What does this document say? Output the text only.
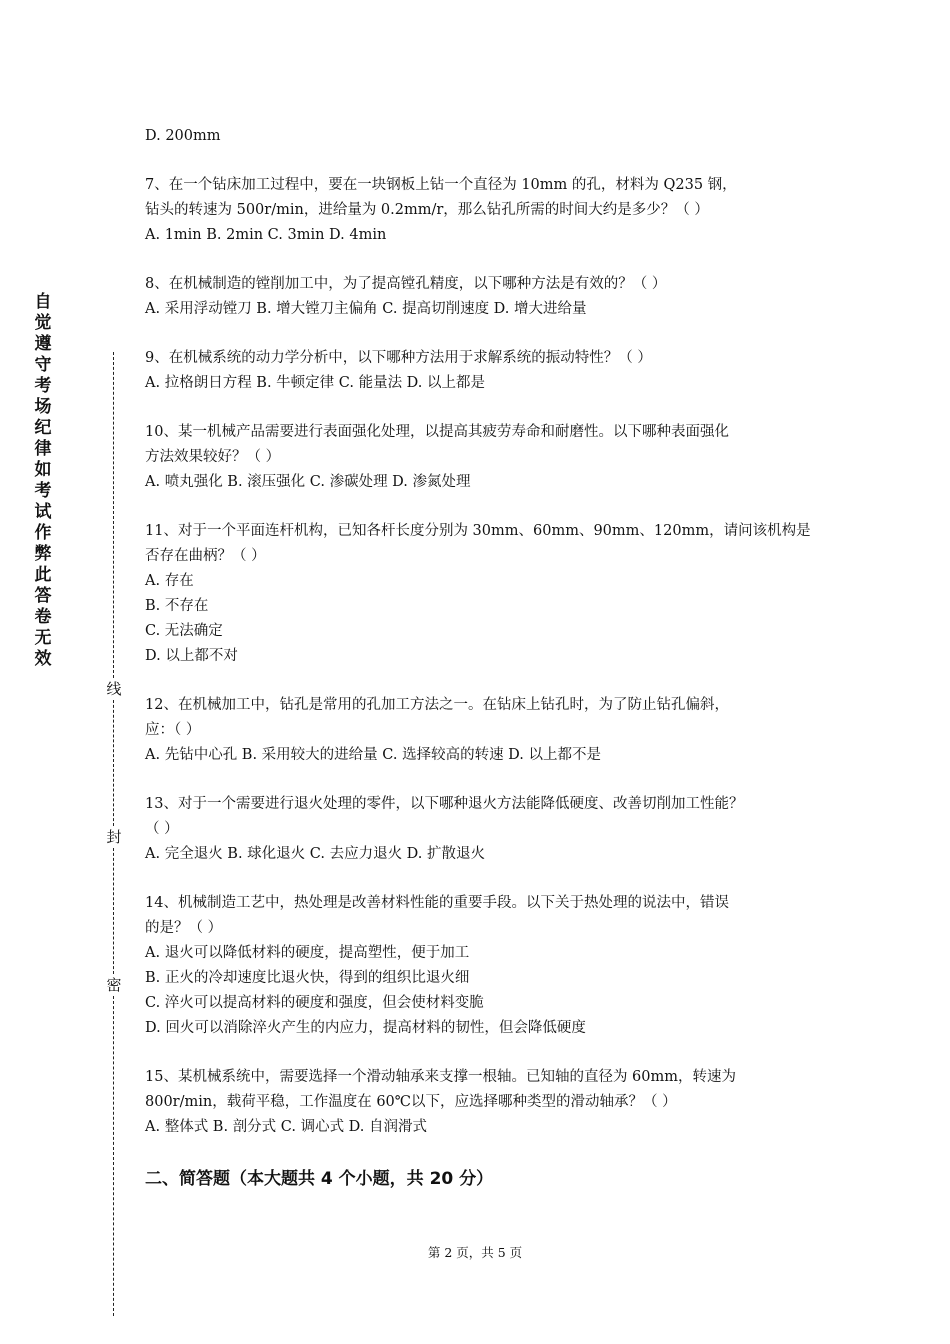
自觉遵守考场纪律如考试作弊此答卷无效
线
封
密

D. 200mm

7、在一个钻床加工过程中，要在一块钢板上钻一个直径为 10mm 的孔，材料为 Q235 钢，

钻头的转速为 500r/min，进给量为 0.2mm/r，那么钻孔所需的时间大约是多少？（ ）

A. 1min B. 2min C. 3min D. 4min

8、在机械制造的镗削加工中，为了提高镗孔精度，以下哪种方法是有效的？（ ）

A. 采用浮动镗刀 B. 增大镗刀主偏角 C. 提高切削速度 D. 增大进给量

9、在机械系统的动力学分析中，以下哪种方法用于求解系统的振动特性？（ ）

A. 拉格朗日方程 B. 牛顿定律 C. 能量法 D. 以上都是

10、某一机械产品需要进行表面强化处理，以提高其疲劳寿命和耐磨性。以下哪种表面强化

方法效果较好？（ ）

A. 喷丸强化 B. 滚压强化 C. 渗碳处理 D. 渗氮处理

11、对于一个平面连杆机构，已知各杆长度分别为 30mm、60mm、90mm、120mm，请问该机构是

否存在曲柄？（ ）

A. 存在

B. 不存在

C. 无法确定

D. 以上都不对

12、在机械加工中，钻孔是常用的孔加工方法之一。在钻床上钻孔时，为了防止钻孔偏斜，

应：（ ）

A. 先钻中心孔 B. 采用较大的进给量 C. 选择较高的转速 D. 以上都不是

13、对于一个需要进行退火处理的零件，以下哪种退火方法能降低硬度、改善切削加工性能？

（ ）

A. 完全退火 B. 球化退火 C. 去应力退火 D. 扩散退火

14、机械制造工艺中，热处理是改善材料性能的重要手段。以下关于热处理的说法中，错误

的是？（ ）

A. 退火可以降低材料的硬度，提高塑性，便于加工

B. 正火的冷却速度比退火快，得到的组织比退火细

C. 淬火可以提高材料的硬度和强度，但会使材料变脆

D. 回火可以消除淬火产生的内应力，提高材料的韧性，但会降低硬度

15、某机械系统中，需要选择一个滑动轴承来支撑一根轴。已知轴的直径为 60mm，转速为

800r/min，载荷平稳，工作温度在 60℃以下，应选择哪种类型的滑动轴承？（ ）

A. 整体式 B. 剖分式 C. 调心式 D. 自润滑式

二、简答题（本大题共 4 个小题，共 20 分）
第 2 页，共 5 页
